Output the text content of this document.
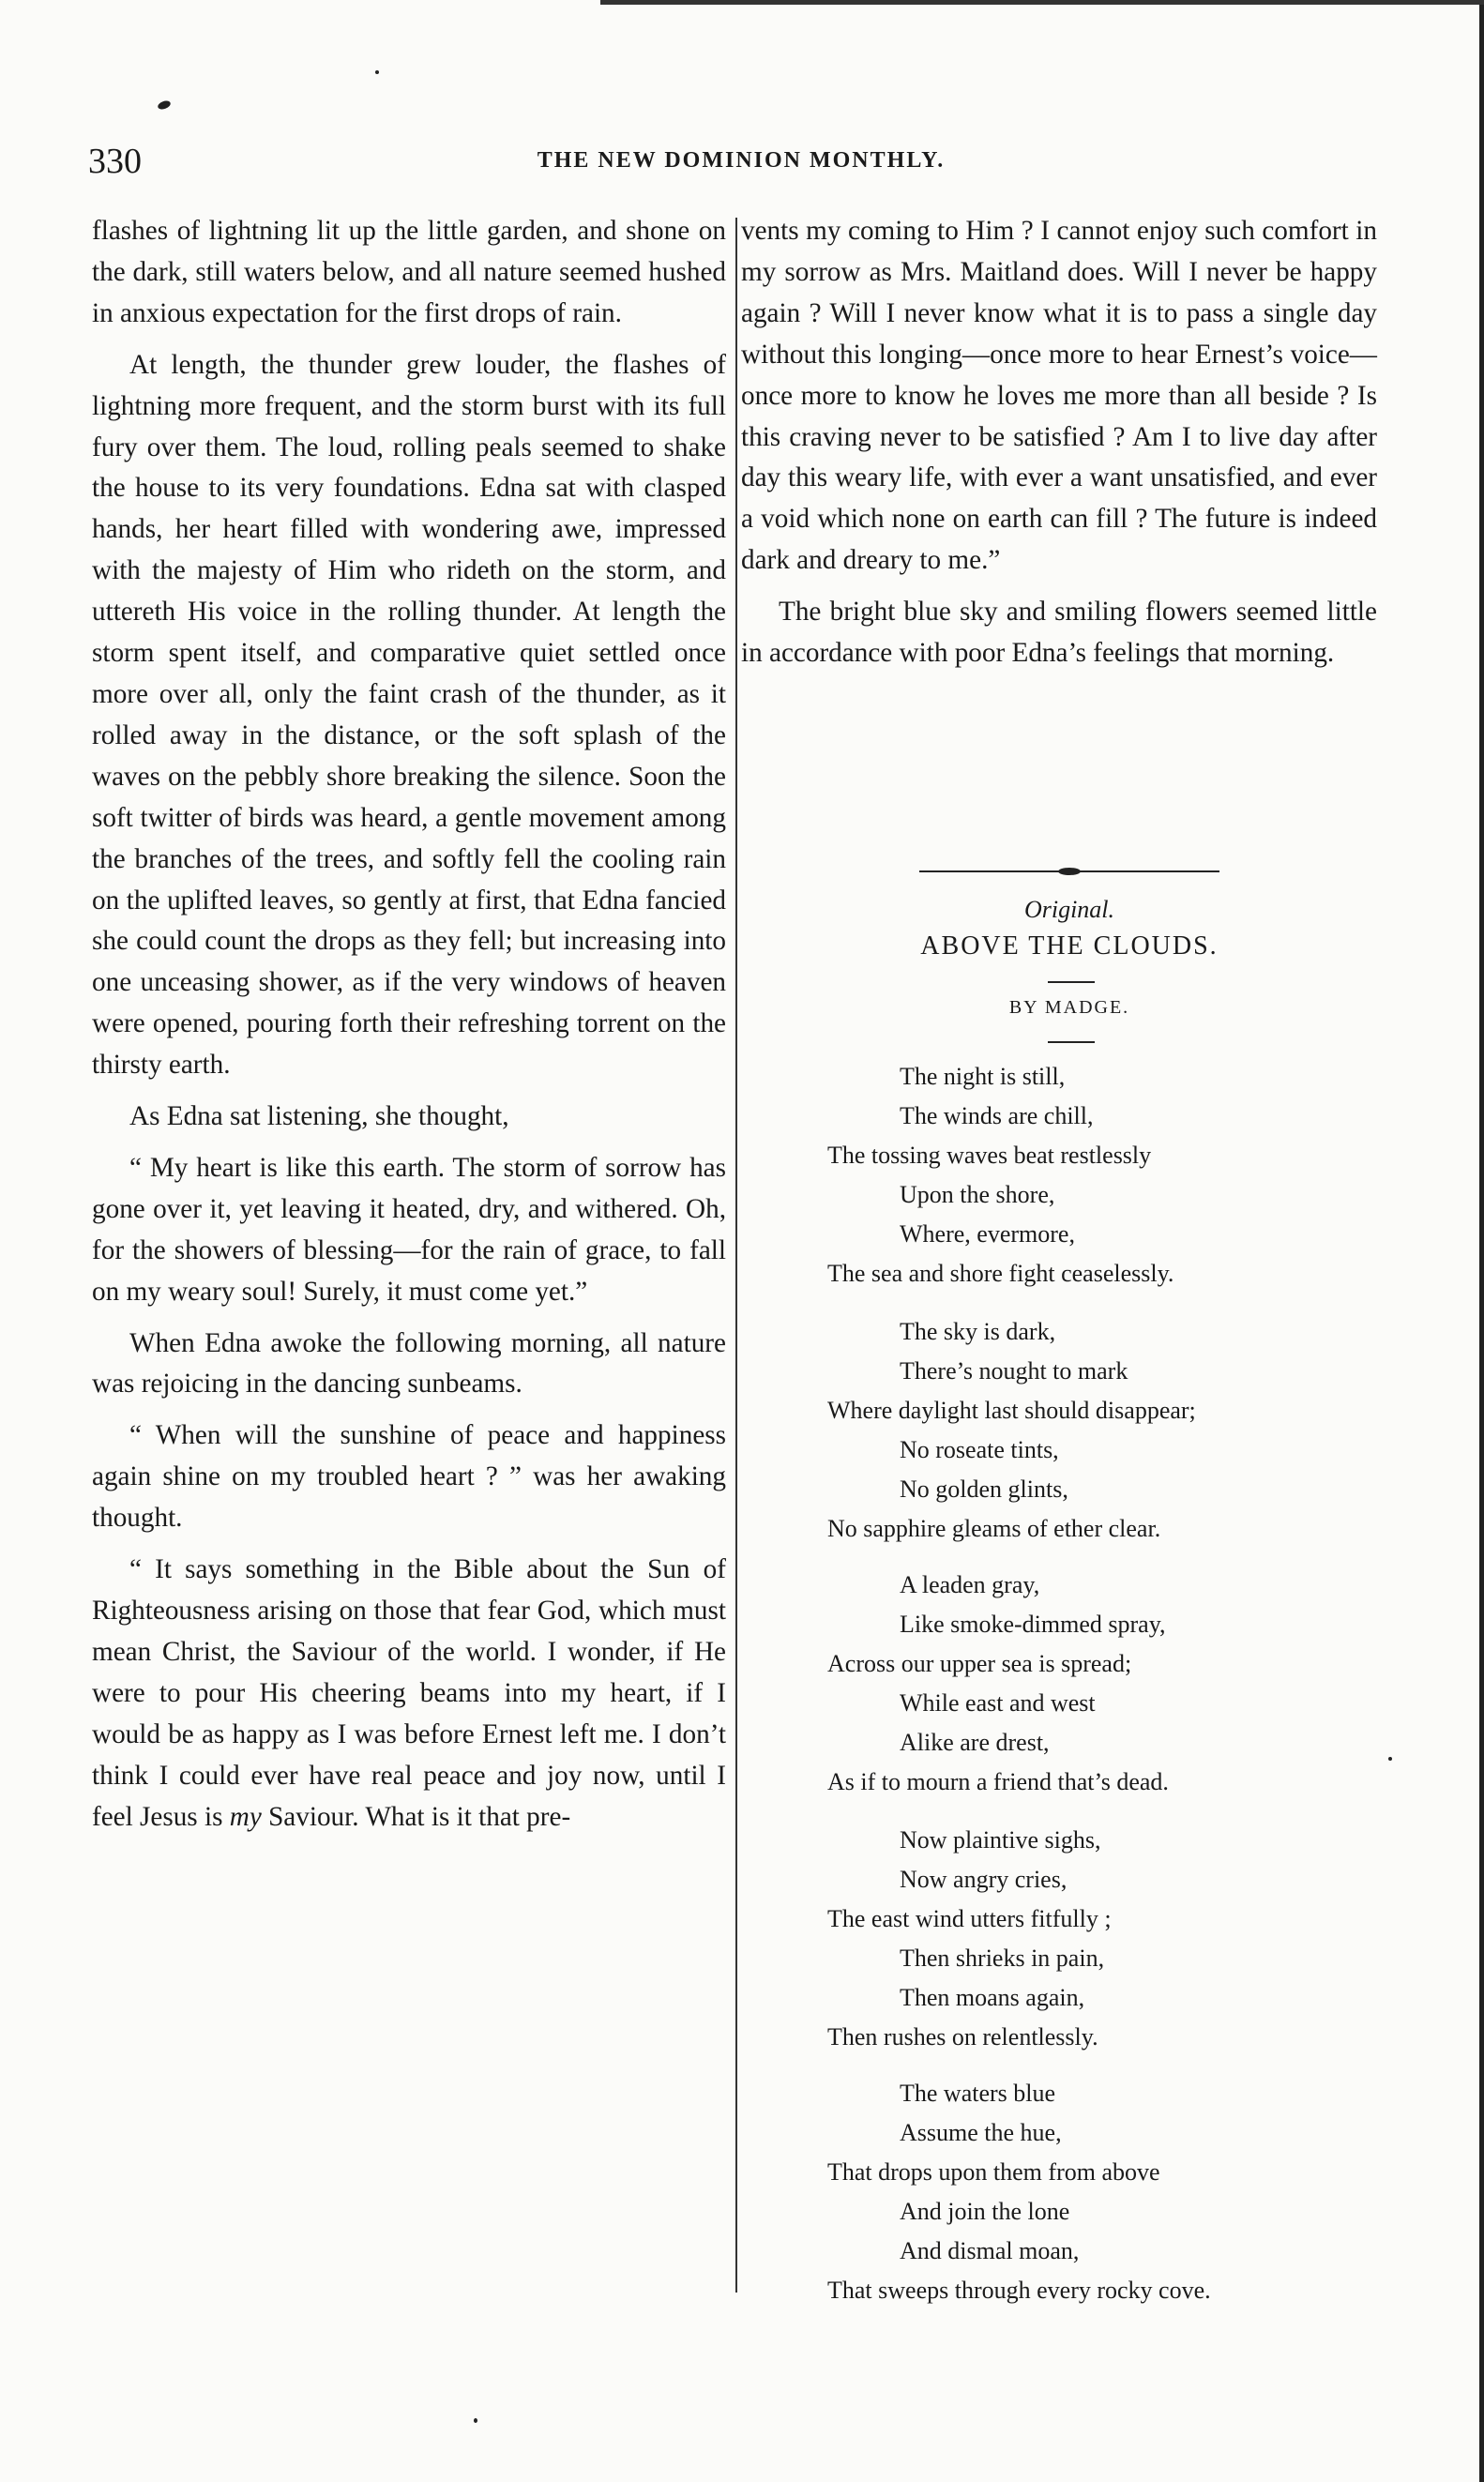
330	THE NEW DOMINION MONTHLY.

flashes of lightning lit up the little garden, and shone on the dark, still waters below, and all nature seemed hushed in anxious expectation for the first drops of rain.

At length, the thunder grew louder, the flashes of lightning more frequent, and the storm burst with its full fury over them. The loud, rolling peals seemed to shake the house to its very foundations. Edna sat with clasped hands, her heart filled with wondering awe, impressed with the majesty of Him who rideth on the storm, and uttereth His voice in the rolling thunder. At length the storm spent itself, and comparative quiet settled once more over all, only the faint crash of the thunder, as it rolled away in the distance, or the soft splash of the waves on the pebbly shore breaking the silence. Soon the soft twitter of birds was heard, a gentle movement among the branches of the trees, and softly fell the cooling rain on the uplifted leaves, so gently at first, that Edna fancied she could count the drops as they fell; but increasing into one unceasing shower, as if the very windows of heaven were opened, pouring forth their refreshing torrent on the thirsty earth.

As Edna sat listening, she thought,

“ My heart is like this earth. The storm of sorrow has gone over it, yet leaving it heated, dry, and withered. Oh, for the showers of blessing—for the rain of grace, to fall on my weary soul! Surely, it must come yet.”

When Edna awoke the following morning, all nature was rejoicing in the dancing sunbeams.

“ When will the sunshine of peace and happiness again shine on my troubled heart ? ” was her awaking thought.

“ It says something in the Bible about the Sun of Righteousness arising on those that fear God, which must mean Christ, the Saviour of the world. I wonder, if He were to pour His cheering beams into my heart, if I would be as happy as I was before Ernest left me. I don’t think I could ever have real peace and joy now, until I feel Jesus is my Saviour. What is it that pre-

vents my coming to Him ? I cannot enjoy such comfort in my sorrow as Mrs. Maitland does. Will I never be happy again ? Will I never know what it is to pass a single day without this longing—once more to hear Ernest’s voice—once more to know he loves me more than all beside ? Is this craving never to be satisfied ? Am I to live day after day this weary life, with ever a want unsatisfied, and ever a void which none on earth can fill ? The future is indeed dark and dreary to me.”

The bright blue sky and smiling flowers seemed little in accordance with poor Edna’s feelings that morning.

Original.
ABOVE THE CLOUDS.
BY MADGE.
The night is still,
The winds are chill,
The tossing waves beat restlessly
Upon the shore,
Where, evermore,
The sea and shore fight ceaselessly.
The sky is dark,
There’s nought to mark
Where daylight last should disappear;
No roseate tints,
No golden glints,
No sapphire gleams of ether clear.
A leaden gray,
Like smoke-dimmed spray,
Across our upper sea is spread;
While east and west
Alike are drest,
As if to mourn a friend that’s dead.
Now plaintive sighs,
Now angry cries,
The east wind utters fitfully ;
Then shrieks in pain,
Then moans again,
Then rushes on relentlessly.
The waters blue
Assume the hue,
That drops upon them from above
And join the lone
And dismal moan,
That sweeps through every rocky cove.
